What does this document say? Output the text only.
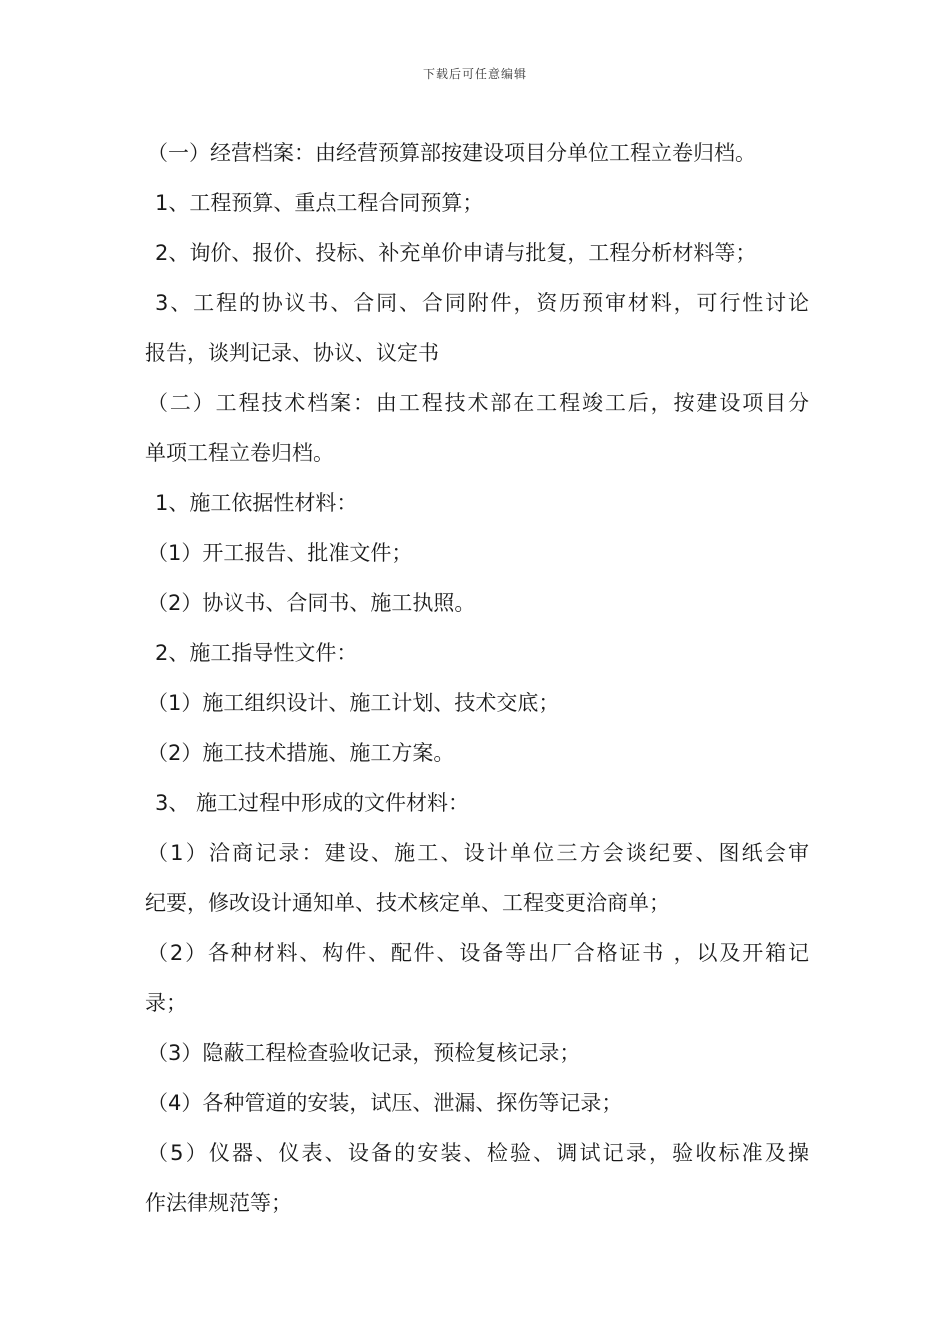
下载后可任意编辑
（一）经营档案：由经营预算部按建设项目分单位工程立卷归档。
1、工程预算、重点工程合同预算；
2、询价、报价、投标、补充单价申请与批复，工程分析材料等；
3、工程的协议书、合同、合同附件，资历预审材料，可行性讨论
报告，谈判记录、协议、议定书
（二）工程技术档案：由工程技术部在工程竣工后，按建设项目分
单项工程立卷归档。
1、施工依据性材料：
（1）开工报告、批准文件；
（2）协议书、合同书、施工执照。
2、施工指导性文件：
（1）施工组织设计、施工计划、技术交底；
（2）施工技术措施、施工方案。
3、 施工过程中形成的文件材料：
（1）洽商记录：建设、施工、设计单位三方会谈纪要、图纸会审
纪要，修改设计通知单、技术核定单、工程变更洽商单；
（2）各种材料、构件、配件、设备等出厂合格证书 ，以及开箱记
录；
（3）隐蔽工程检查验收记录，预检复核记录；
（4）各种管道的安装，试压、泄漏、探伤等记录；
（5）仪器、仪表、设备的安装、检验、调试记录，验收标准及操
作法律规范等；
